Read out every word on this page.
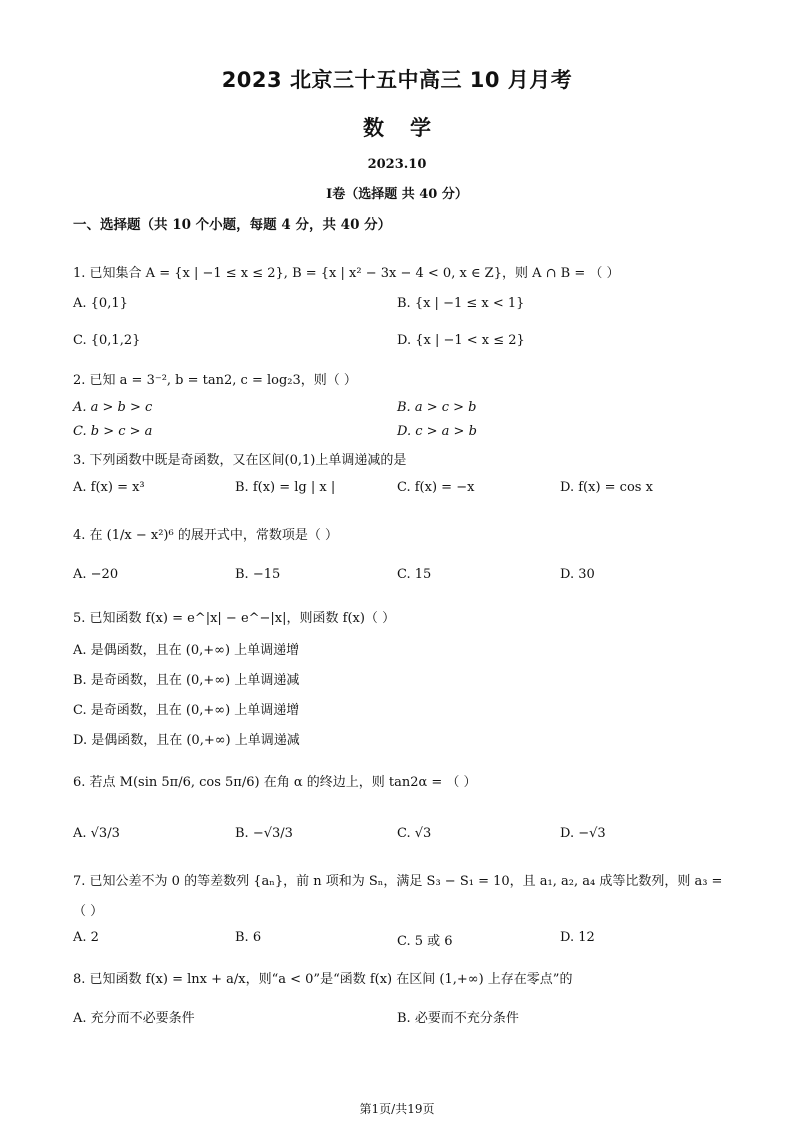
2023 北京三十五中高三 10 月月考
数学
2023.10
I卷（选择题 共 40 分）
一、选择题（共 10 个小题，每题 4 分，共 40 分）
1. 已知集合 A = {x | −1 ≤ x ≤ 2}, B = {x | x² − 3x − 4 < 0, x ∈ Z}，则 A ∩ B = （ ）
A. {0,1}	B. {x | −1 ≤ x < 1}
C. {0,1,2}	D. {x | −1 < x ≤ 2}
2. 已知 a = 3⁻², b = tan2, c = log₂3，则（ ）
A. a > b > c	B. a > c > b
C. b > c > a	D. c > a > b
3. 下列函数中既是奇函数，又在区间(0,1)上单调递减的是
A. f(x) = x³	B. f(x) = lg | x |	C. f(x) = −x	D. f(x) = cos x
4. 在 (1/x − x²)⁶ 的展开式中，常数项是（ ）
A. −20	B. −15	C. 15	D. 30
5. 已知函数 f(x) = e^|x| − e^−|x|，则函数 f(x)（ ）
A. 是偶函数，且在 (0,+∞) 上单调递增
B. 是奇函数，且在 (0,+∞) 上单调递减
C. 是奇函数，且在 (0,+∞) 上单调递增
D. 是偶函数，且在 (0,+∞) 上单调递减
6. 若点 M(sin 5π/6, cos 5π/6) 在角 α 的终边上，则 tan2α = （ ）
A. √3/3	B. −√3/3	C. √3	D. −√3
7. 已知公差不为 0 的等差数列 {aₙ}，前 n 项和为 Sₙ，满足 S₃ − S₁ = 10，且 a₁, a₂, a₄ 成等比数列，则 a₃ =
（ ）
A. 2	B. 6	C. 5 或 6	D. 12
8. 已知函数 f(x) = lnx + a/x，则“a < 0”是“函数 f(x) 在区间 (1,+∞) 上存在零点”的
A. 充分而不必要条件	B. 必要而不充分条件
第1页/共19页
